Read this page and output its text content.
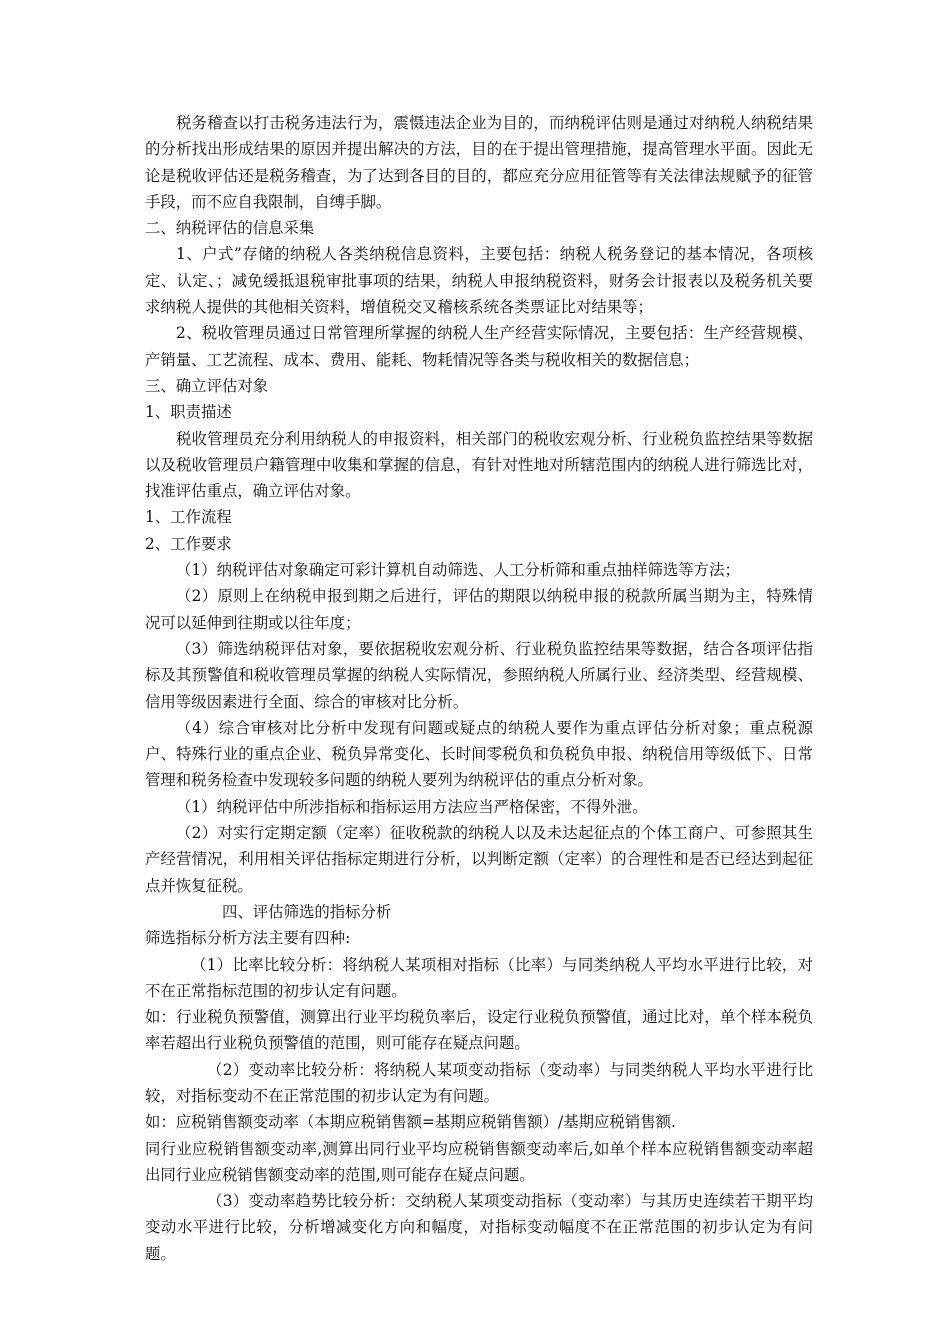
税务稽查以打击税务违法行为，震慑违法企业为目的，而纳税评估则是通过对纳税人纳税结果的分析找出形成结果的原因并提出解决的方法，目的在于提出管理措施，提高管理水平面。因此无论是税收评估还是税务稽查，为了达到各目的目的，都应充分应用征管等有关法律法规赋予的征管手段，而不应自我限制，自缚手脚。

二、纳税评估的信息采集

1、户式”存储的纳税人各类纳税信息资料，主要包括：纳税人税务登记的基本情况，各项核定、认定、；减免缓抵退税审批事项的结果，纳税人申报纳税资料，财务会计报表以及税务机关要求纳税人提供的其他相关资料，增值税交叉稽核系统各类票证比对结果等；

2、税收管理员通过日常管理所掌握的纳税人生产经营实际情况，主要包括：生产经营规模、产销量、工艺流程、成本、费用、能耗、物耗情况等各类与税收相关的数据信息；

三、确立评估对象

1、职责描述

税收管理员充分利用纳税人的申报资料，相关部门的税收宏观分析、行业税负监控结果等数据以及税收管理员户籍管理中收集和掌握的信息，有针对性地对所辖范围内的纳税人进行筛选比对，找准评估重点，确立评估对象。

1、工作流程

2、工作要求

（1）纳税评估对象确定可彩计算机自动筛选、人工分析筛和重点抽样筛选等方法；

（2）原则上在纳税申报到期之后进行，评估的期限以纳税申报的税款所属当期为主，特殊情况可以延伸到往期或以往年度；

（3）筛选纳税评估对象，要依据税收宏观分析、行业税负监控结果等数据，结合各项评估指标及其预警值和税收管理员掌握的纳税人实际情况，参照纳税人所属行业、经济类型、经营规模、信用等级因素进行全面、综合的审核对比分析。

（4）综合审核对比分析中发现有问题或疑点的纳税人要作为重点评估分析对象；重点税源户、特殊行业的重点企业、税负异常变化、长时间零税负和负税负申报、纳税信用等级低下、日常管理和税务检查中发现较多问题的纳税人要列为纳税评估的重点分析对象。

（1）纳税评估中所涉指标和指标运用方法应当严格保密，不得外泄。

（2）对实行定期定额（定率）征收税款的纳税人以及未达起征点的个体工商户、可参照其生产经营情况，利用相关评估指标定期进行分析，以判断定额（定率）的合理性和是否已经达到起征点并恢复征税。

四、评估筛选的指标分析

筛选指标分析方法主要有四种:

（1）比率比较分析：将纳税人某项相对指标（比率）与同类纳税人平均水平进行比较，对不在正常指标范围的初步认定有问题。

如：行业税负预警值，测算出行业平均税负率后，设定行业税负预警值，通过比对，单个样本税负率若超出行业税负预警值的范围，则可能存在疑点问题。

（2）变动率比较分析：将纳税人某项变动指标（变动率）与同类纳税人平均水平进行比较，对指标变动不在正常范围的初步认定为有问题。

如：应税销售额变动率（本期应税销售额=基期应税销售额）/基期应税销售额.

同行业应税销售额变动率,测算出同行业平均应税销售额变动率后,如单个样本应税销售额变动率超出同行业应税销售额变动率的范围,则可能存在疑点问题。

（3）变动率趋势比较分析：交纳税人某项变动指标（变动率）与其历史连续若干期平均变动水平进行比较，分析增减变化方向和幅度，对指标变动幅度不在正常范围的初步认定为有问题。
